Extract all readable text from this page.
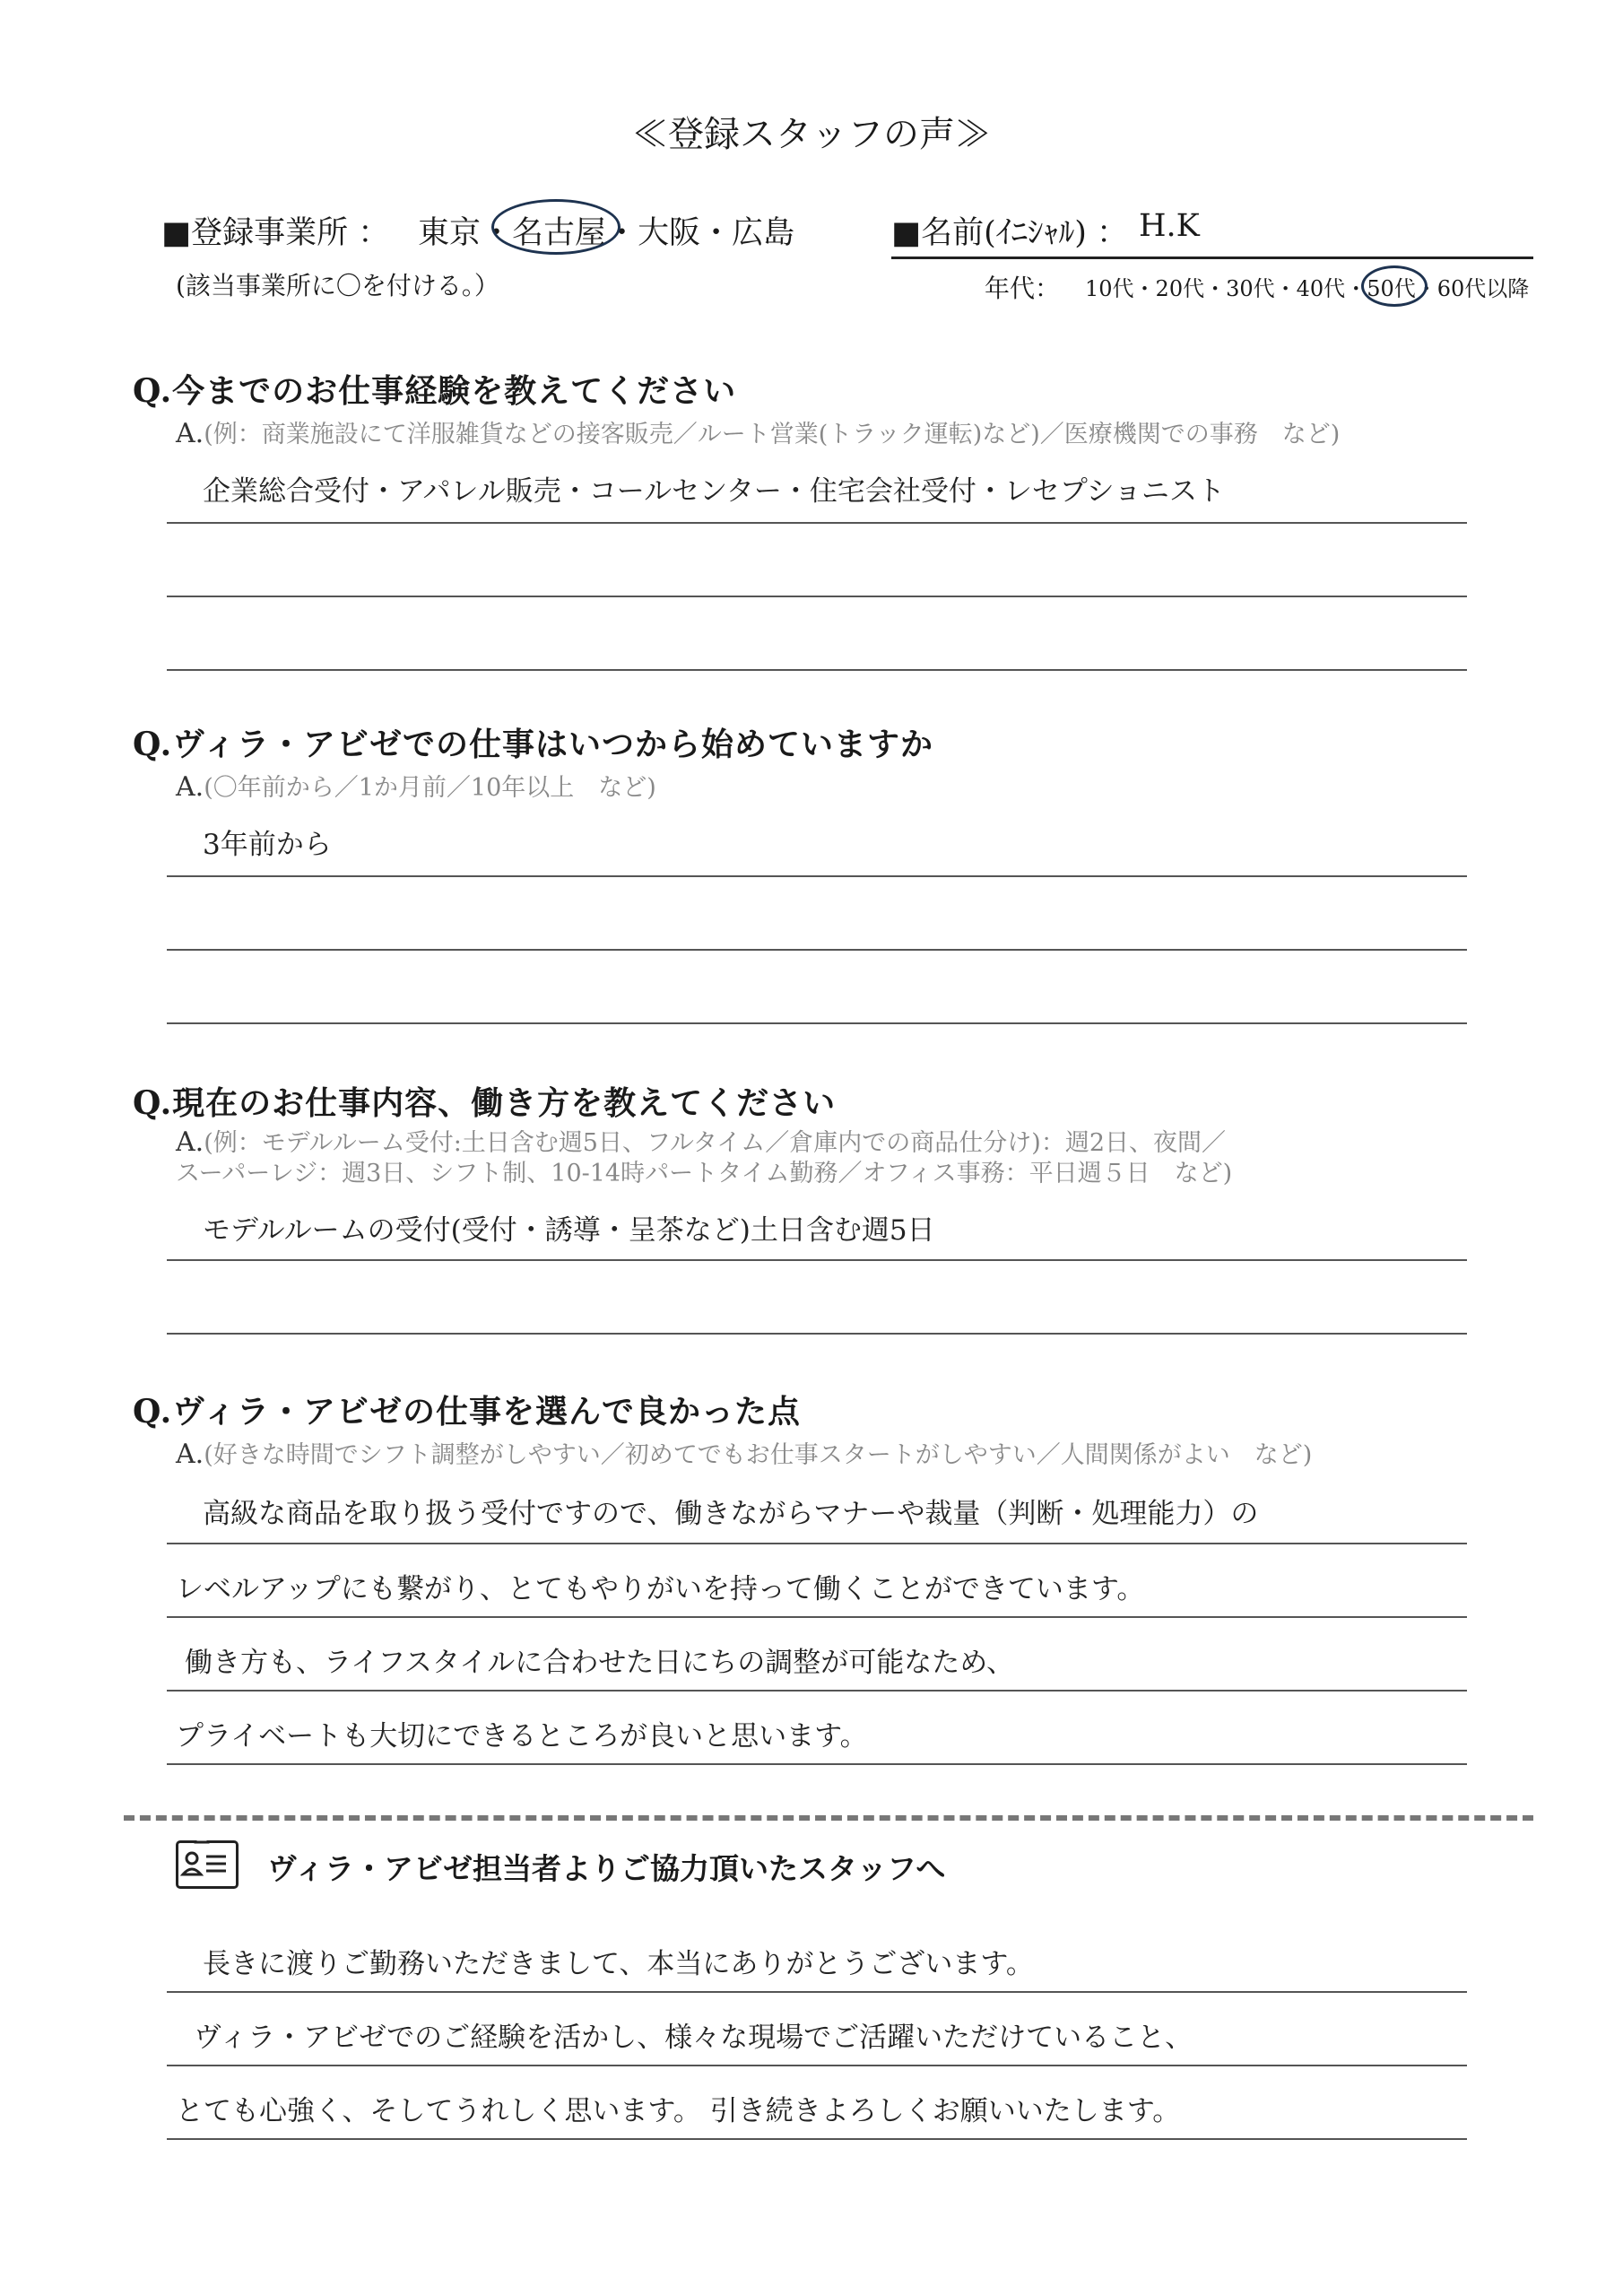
≪登録スタッフの声≫
■登録事業所 ： 東京・名古屋・大阪・広島
(該当事業所に〇を付ける。）
■名前(ｲﾆｼｬﾙ) ： H.K
年代： 10代・20代・30代・40代・50代・60代以降
Q.今までのお仕事経験を教えてください
A.(例：商業施設にて洋服雑貨などの接客販売／ルート営業(トラック運転)など)／医療機関での事務　など)
企業総合受付・アパレル販売・コールセンター・住宅会社受付・レセプショニスト
Q.ヴィラ・アビゼでの仕事はいつから始めていますか
A.(〇年前から／1か月前／10年以上　など)
3年前から
Q.現在のお仕事内容、働き方を教えてください
A.(例：モデルルーム受付:土日含む週5日、フルタイム／倉庫内での商品仕分け)：週2日、夜間／
スーパーレジ：週3日、シフト制、10-14時パートタイム勤務／オフィス事務：平日週５日　など)
モデルルームの受付(受付・誘導・呈茶など)土日含む週5日
Q.ヴィラ・アビゼの仕事を選んで良かった点
A.(好きな時間でシフト調整がしやすい／初めてでもお仕事スタートがしやすい／人間関係がよい　など)
高級な商品を取り扱う受付ですので、働きながらマナーや裁量（判断・処理能力）の
レベルアップにも繋がり、とてもやりがいを持って働くことができています。
働き方も、ライフスタイルに合わせた日にちの調整が可能なため、
プライベートも大切にできるところが良いと思います。
ヴィラ・アビゼ担当者よりご協力頂いたスタッフへ
長きに渡りご勤務いただきまして、本当にありがとうございます。
ヴィラ・アビゼでのご経験を活かし、様々な現場でご活躍いただけていること、
とても心強く、そしてうれしく思います。 引き続きよろしくお願いいたします。
